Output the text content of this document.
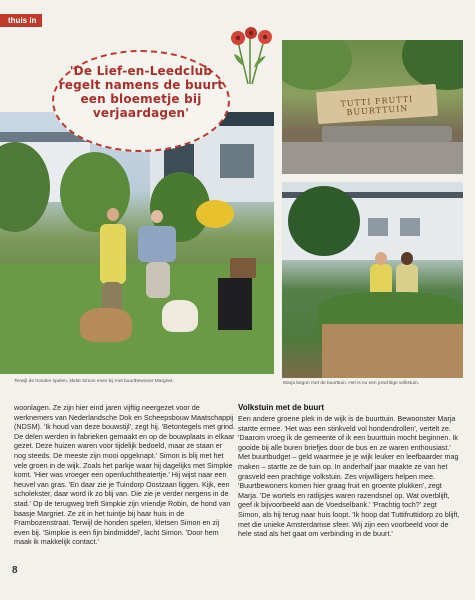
thuis in
TUTTI FRUTTI BUURTTUIN
'De Lief-en-Leedclub regelt namens de buurt een bloemetje bij verjaardagen'
Terwijl de honden spelen, kletst Simon even bij met buurtbewoner Margriet.	Marja begon met de buurttuin. Het is nu een prachtige volkstuin.

woonlagen. Ze zijn hier eind jaren vijftig neergezet voor de werknemers van Nederlandsche Dok en Scheepsbouw Maatschappij (NDSM). 'Ik houd van deze bouwstijl', zegt hij. 'Betontegels met grind. De delen werden in fabrieken gemaakt en op de bouwplaats in elkaar gezet. Deze huizen waren voor tijdelijk bedoeld, maar ze staan er nog steeds. De meeste zijn mooi opgeknapt.' Simon is blij met het vele groen in de wijk. Zoals het parkje waar hij dagelijks met Simpkie komt. 'Hier was vroeger een openluchttheatertje.' Hij wijst naar een heuvel van gras. 'En daar zie je Tuindorp Oostzaan liggen. Kijk, een scholekster, daar word ik zo blij van. Die zie je verder nergens in de stad.' Op de terugweg treft Simpkie zijn vriendje Robin, de hond van baasje Margriet. Ze zit in het tuintje bij haar huis in de Frambozenstraat. Terwijl de honden spelen, kletsen Simon en zij even bij. 'Simpkie is een fijn bindmiddel', lacht Simon. 'Door hem maak ik makkelijk contact.'

Volkstuin met de buurt

Een andere groene plek in de wijk is de buurttuin. Bewoonster Marja startte ermee. 'Het was een stinkveld vol hondendrollen', vertelt ze. 'Daarom vroeg ik de gemeente of ik een buurttuin mocht beginnen. Ik gooide bij alle buren briefjes door de bus en ze waren enthousiast.' Met buurtbudget – geld waarmee je je wijk leuker en leefbaarder mag maken – startte ze de tuin op. In anderhalf jaar maakte ze van het grasveld een prachtige volkstuin. Zes vrijwilligers helpen mee. 'Buurtbewoners komen hier graag fruit en groente plukken', zegt Marja. 'De wortels en radijsjes waren razendsnel op. Wat overblijft, geef ik bijvoorbeeld aan de Voedselbank.' 'Prachtig toch?' zegt Simon, als hij terug naar huis loopt. 'Ik hoop dat Tuttifruttidorp zo blijft, met die unieke Amsterdamse sfeer. Wij zijn een voorbeeld voor de hele stad als het gaat om verbinding in de buurt.'

8
